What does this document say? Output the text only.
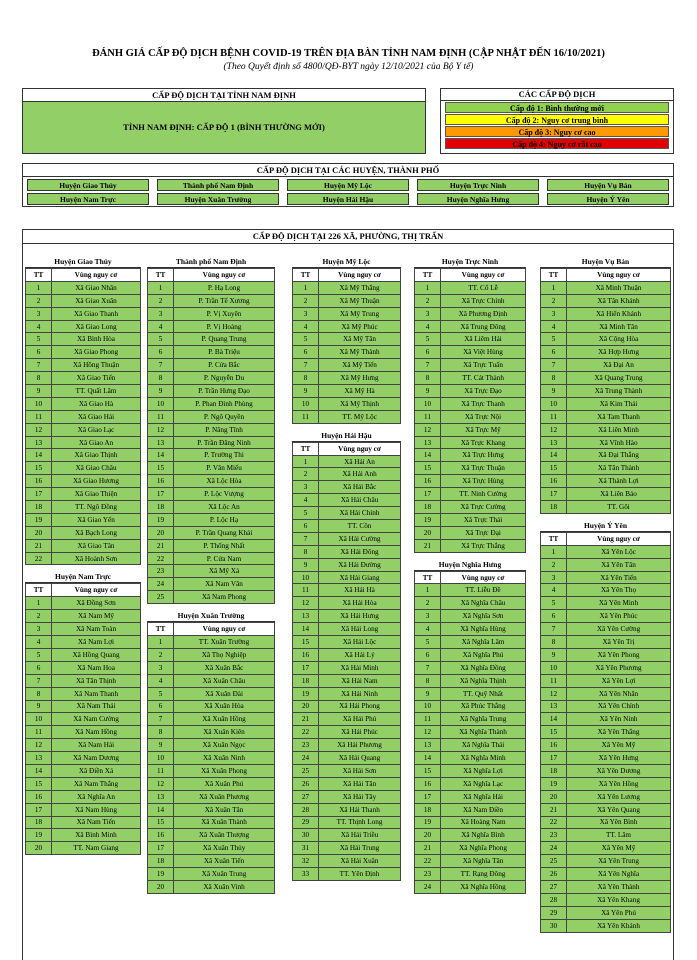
ĐÁNH GIÁ CẤP ĐỘ DỊCH BỆNH COVID-19 TRÊN ĐỊA BÀN TỈNH NAM ĐỊNH (CẬP NHẬT ĐẾN 16/10/2021)
(Theo Quyết định số 4800/QĐ-BYT ngày 12/10/2021 của Bộ Y tế)
CẤP ĐỘ DỊCH TẠI TỈNH NAM ĐỊNH
TỈNH NAM ĐỊNH: CẤP ĐỘ 1 (BÌNH THƯỜNG MỚI)
CÁC CẤP ĐỘ DỊCH
Cấp độ 1: Bình thường mới
Cấp độ 2: Nguy cơ trung bình
Cấp độ 3: Nguy cơ cao
Cấp độ 4: Nguy cơ rất cao
CẤP ĐỘ DỊCH TẠI CÁC HUYỆN, THÀNH PHỐ
Huyện Giao Thủy	Thành phố Nam Định	Huyện Mỹ Lộc	Huyện Trực Ninh	Huyện Vụ Bản
Huyện Nam Trực	Huyện Xuân Trường	Huyện Hải Hậu	Huyện Nghĩa Hưng	Huyện Ý Yên
CẤP ĐỘ DỊCH TẠI 226 XÃ, PHƯỜNG, THỊ TRẤN
Huyện Giao Thủy
TT	Vùng nguy cơ
1	Xã Giao Nhân
2	Xã Giao Xuân
3	Xã Giao Thanh
4	Xã Giao Long
5	Xã Bình Hòa
6	Xã Giao Phong
7	Xã Hồng Thuận
8	Xã Giao Tiến
9	TT. Quất Lâm
10	Xã Giao Hà
11	Xã Giao Hải
12	Xã Giao Lạc
13	Xã Giao An
14	Xã Giao Thịnh
15	Xã Giao Châu
16	Xã Giao Hương
17	Xã Giao Thiện
18	TT. Ngô Đồng
19	Xã Giao Yến
20	Xã Bạch Long
21	Xã Giao Tân
22	Xã Hoành Sơn
Huyện Nam Trực
TT	Vùng nguy cơ
1	Xã Đồng Sơn
2	Xã Nam Mỹ
3	Xã Nam Toàn
4	Xã Nam Lợi
5	Xã Hồng Quang
6	Xã Nam Hoa
7	Xã Tân Thịnh
8	Xã Nam Thanh
9	Xã Nam Thái
10	Xã Nam Cường
11	Xã Nam Hồng
12	Xã Nam Hải
13	Xã Nam Dương
14	Xã Điền Xá
15	Xã Nam Thắng
16	Xã Nghĩa An
17	Xã Nam Hùng
18	Xã Nam Tiến
19	Xã Bình Minh
20	TT. Nam Giang
Thành phố Nam Định
TT	Vùng nguy cơ
1	P. Hạ Long
2	P. Trần Tế Xương
3	P. Vị Xuyên
4	P. Vị Hoàng
5	P. Quang Trung
6	P. Bà Triệu
7	P. Cửa Bắc
8	P. Nguyễn Du
9	P. Trần Hưng Đạo
10	P. Phan Đình Phùng
11	P. Ngô Quyền
12	P. Năng Tĩnh
13	P. Trần Đăng Ninh
14	P. Trường Thi
15	P. Văn Miếu
16	Xã Lộc Hòa
17	P. Lộc Vượng
18	Xã Lộc An
19	P. Lộc Hạ
20	P. Trần Quang Khải
21	P. Thống Nhất
22	P. Cửa Nam
23	Xã Mỹ Xá
24	Xã Nam Vân
25	Xã Nam Phong
Huyện Xuân Trường
TT	Vùng nguy cơ
1	TT. Xuân Trường
2	Xã Thọ Nghiệp
3	Xã Xuân Bắc
4	Xã Xuân Châu
5	Xã Xuân Đài
6	Xã Xuân Hòa
7	Xã Xuân Hồng
8	Xã Xuân Kiên
9	Xã Xuân Ngọc
10	Xã Xuân Ninh
11	Xã Xuân Phong
12	Xã Xuân Phú
13	Xã Xuân Phương
14	Xã Xuân Tân
15	Xã Xuân Thành
16	Xã Xuân Thượng
17	Xã Xuân Thủy
18	Xã Xuân Tiến
19	Xã Xuân Trung
20	Xã Xuân Vinh
Huyện Mỹ Lộc
TT	Vùng nguy cơ
1	Xã Mỹ Thắng
2	Xã Mỹ Thuận
3	Xã Mỹ Trung
4	Xã Mỹ Phúc
5	Xã Mỹ Tân
6	Xã Mỹ Thành
7	Xã Mỹ Tiến
8	Xã Mỹ Hưng
9	Xã Mỹ Hà
10	Xã Mỹ Thịnh
11	TT. Mỹ Lộc
Huyện Hải Hậu
TT	Vùng nguy cơ
1	Xã Hải An
2	Xã Hải Anh
3	Xã Hải Bắc
4	Xã Hải Châu
5	Xã Hải Chính
6	TT. Cồn
7	Xã Hải Cường
8	Xã Hải Đông
9	Xã Hải Đường
10	Xã Hải Giang
11	Xã Hải Hà
12	Xã Hải Hòa
13	Xã Hải Hưng
14	Xã Hải Long
15	Xã Hải Lộc
16	Xã Hải Lý
17	Xã Hải Minh
18	Xã Hải Nam
19	Xã Hải Ninh
20	Xã Hải Phong
21	Xã Hải Phú
22	Xã Hải Phúc
23	Xã Hải Phương
24	Xã Hải Quang
25	Xã Hải Sơn
26	Xã Hải Tân
27	Xã Hải Tây
28	Xã Hải Thanh
29	TT. Thịnh Long
30	Xã Hải Triều
31	Xã Hải Trung
32	Xã Hải Xuân
33	TT. Yên Định
Huyện Trực Ninh
TT	Vùng nguy cơ
1	TT. Cổ Lễ
2	Xã Trực Chính
3	Xã Phương Định
4	Xã Trung Đông
5	Xã Liêm Hải
6	Xã Việt Hùng
7	Xã Trực Tuấn
8	TT. Cát Thành
9	Xã Trực Đạo
10	Xã Trực Thanh
11	Xã Trực Nội
12	Xã Trực Mỹ
13	Xã Trực Khang
14	Xã Trực Hưng
15	Xã Trực Thuận
16	Xã Trực Hùng
17	TT. Ninh Cường
18	Xã Trực Cường
19	Xã Trực Thái
20	Xã Trực Đại
21	Xã Trực Thắng
Huyện Nghĩa Hưng
TT	Vùng nguy cơ
1	TT. Liễu Đề
2	Xã Nghĩa Châu
3	Xã Nghĩa Sơn
4	Xã Nghĩa Hùng
5	Xã Nghĩa Lâm
6	Xã Nghĩa Phú
7	Xã Nghĩa Đồng
8	Xã Nghĩa Thịnh
9	TT. Quỹ Nhất
10	Xã Phúc Thắng
11	Xã Nghĩa Trung
12	Xã Nghĩa Thành
13	Xã Nghĩa Thái
14	Xã Nghĩa Minh
15	Xã Nghĩa Lợi
16	Xã Nghĩa Lạc
17	Xã Nghĩa Hải
18	Xã Nam Điền
19	Xã Hoàng Nam
20	Xã Nghĩa Bình
21	Xã Nghĩa Phong
22	Xã Nghĩa Tân
23	TT. Rạng Đông
24	Xã Nghĩa Hồng
Huyện Vụ Bản
TT	Vùng nguy cơ
1	Xã Minh Thuận
2	Xã Tân Khánh
3	Xã Hiển Khánh
4	Xã Minh Tân
5	Xã Cộng Hòa
6	Xã Hợp Hưng
7	Xã Đại An
8	Xã Quang Trung
9	Xã Trung Thành
10	Xã Kim Thái
11	Xã Tam Thanh
12	Xã Liên Minh
13	Xã Vĩnh Hào
14	Xã Đại Thắng
15	Xã Tân Thành
16	Xã Thành Lợi
17	Xã Liên Bảo
18	TT. Gôi
Huyện Ý Yên
TT	Vùng nguy cơ
1	Xã Yên Lộc
2	Xã Yên Tân
3	Xã Yên Tiến
4	Xã Yên Thọ
5	Xã Yên Minh
6	Xã Yên Phúc
7	Xã Yên Cường
8	Xã Yên Trị
9	Xã Yên Phong
10	Xã Yên Phương
11	Xã Yên Lợi
12	Xã Yên Nhân
13	Xã Yên Chính
14	Xã Yên Ninh
15	Xã Yên Thắng
16	Xã Yên Mỹ
17	Xã Yên Hưng
18	Xã Yên Dương
19	Xã Yên Hồng
20	Xã Yên Lương
21	Xã Yên Quang
22	Xã Yên Bình
23	TT. Lâm
24	Xã Yên Mỹ
25	Xã Yên Trung
26	Xã Yên Nghĩa
27	Xã Yên Thành
28	Xã Yên Khang
29	Xã Yên Phú
30	Xã Yên Khánh
